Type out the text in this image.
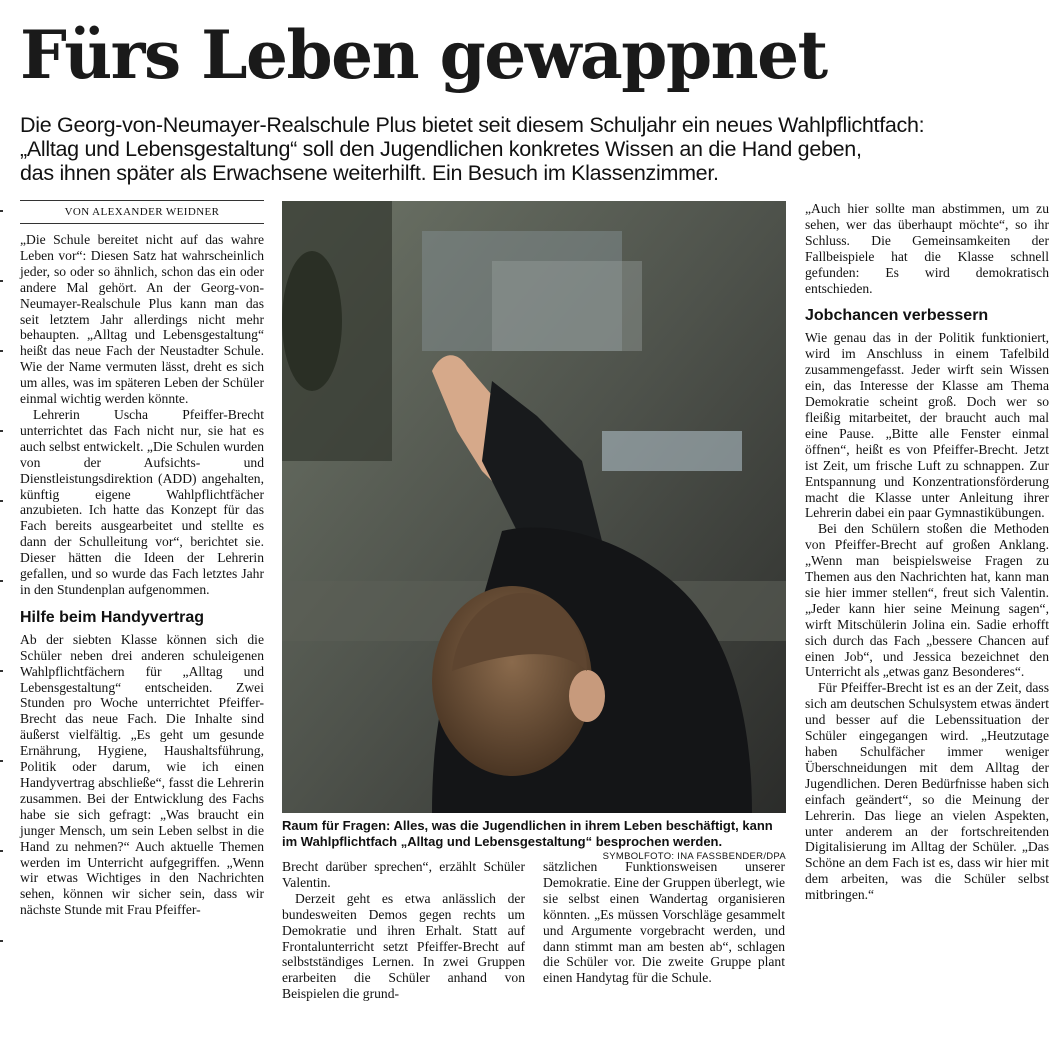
Fürs Leben gewappnet
Die Georg-von-Neumayer-Realschule Plus bietet seit diesem Schuljahr ein neues Wahlpflichtfach:
„Alltag und Lebensgestaltung“ soll den Jugendlichen konkretes Wissen an die Hand geben,
das ihnen später als Erwachsene weiterhilft. Ein Besuch im Klassenzimmer.
VON ALEXANDER WEIDNER

„Die Schule bereitet nicht auf das wahre Leben vor“: Diesen Satz hat wahrscheinlich jeder, so oder so ähnlich, schon das ein oder andere Mal gehört. An der Georg-von-Neumayer-Realschule Plus kann man das seit letztem Jahr allerdings nicht mehr behaupten. „Alltag und Lebensgestaltung“ heißt das neue Fach der Neustadter Schule. Wie der Name vermuten lässt, dreht es sich um alles, was im späteren Leben der Schüler einmal wichtig werden könnte.

Lehrerin Uscha Pfeiffer-Brecht unterrichtet das Fach nicht nur, sie hat es auch selbst entwickelt. „Die Schulen wurden von der Aufsichts- und Dienstleistungsdirektion (ADD) angehalten, künftig eigene Wahlpflichtfächer anzubieten. Ich hatte das Konzept für das Fach bereits ausgearbeitet und stellte es dann der Schulleitung vor“, berichtet sie. Dieser hätten die Ideen der Lehrerin gefallen, und so wurde das Fach letztes Jahr in den Stundenplan aufgenommen.

Hilfe beim Handyvertrag

Ab der siebten Klasse können sich die Schüler neben drei anderen schuleigenen Wahlpflichtfächern für „Alltag und Lebensgestaltung“ entscheiden. Zwei Stunden pro Woche unterrichtet Pfeiffer-Brecht das neue Fach. Die Inhalte sind äußerst vielfältig. „Es geht um gesunde Ernährung, Hygiene, Haushaltsführung, Politik oder darum, wie ich einen Handyvertrag abschließe“, fasst die Lehrerin zusammen. Bei der Entwicklung des Fachs habe sie sich gefragt: „Was braucht ein junger Mensch, um sein Leben selbst in die Hand zu nehmen?“ Auch aktuelle Themen werden im Unterricht aufgegriffen. „Wenn wir etwas Wichtiges in den Nachrichten sehen, können wir sicher sein, dass wir nächste Stunde mit Frau Pfeiffer-

Raum für Fragen: Alles, was die Jugendlichen in ihrem Leben beschäftigt, kann im Wahlpflichtfach „Alltag und Lebensgestaltung“ besprochen werden.
SYMBOLFOTO: INA FASSBENDER/DPA

Brecht darüber sprechen“, erzählt Schüler Valentin.

Derzeit geht es etwa anlässlich der bundesweiten Demos gegen rechts um Demokratie und ihren Erhalt. Statt auf Frontalunterricht setzt Pfeiffer-Brecht auf selbstständiges Lernen. In zwei Gruppen erarbeiten die Schüler anhand von Beispielen die grund-

sätzlichen Funktionsweisen unserer Demokratie. Eine der Gruppen überlegt, wie sie selbst einen Wandertag organisieren könnten. „Es müssen Vorschläge gesammelt und Argumente vorgebracht werden, und dann stimmt man am besten ab“, schlagen die Schüler vor. Die zweite Gruppe plant einen Handytag für die Schule.

„Auch hier sollte man abstimmen, um zu sehen, wer das überhaupt möchte“, so ihr Schluss. Die Gemeinsamkeiten der Fallbeispiele hat die Klasse schnell gefunden: Es wird demokratisch entschieden.

Jobchancen verbessern

Wie genau das in der Politik funktioniert, wird im Anschluss in einem Tafelbild zusammengefasst. Jeder wirft sein Wissen ein, das Interesse der Klasse am Thema Demokratie scheint groß. Doch wer so fleißig mitarbeitet, der braucht auch mal eine Pause. „Bitte alle Fenster einmal öffnen“, heißt es von Pfeiffer-Brecht. Jetzt ist Zeit, um frische Luft zu schnappen. Zur Entspannung und Konzentrationsförderung macht die Klasse unter Anleitung ihrer Lehrerin dabei ein paar Gymnastikübungen.

Bei den Schülern stoßen die Methoden von Pfeiffer-Brecht auf großen Anklang. „Wenn man beispielsweise Fragen zu Themen aus den Nachrichten hat, kann man sie hier immer stellen“, freut sich Valentin. „Jeder kann hier seine Meinung sagen“, wirft Mitschülerin Jolina ein. Sadie erhofft sich durch das Fach „bessere Chancen auf einen Job“, und Jessica bezeichnet den Unterricht als „etwas ganz Besonderes“.

Für Pfeiffer-Brecht ist es an der Zeit, dass sich am deutschen Schulsystem etwas ändert und besser auf die Lebenssituation der Schüler eingegangen wird. „Heutzutage haben Schulfächer immer weniger Überschneidungen mit dem Alltag der Jugendlichen. Deren Bedürfnisse haben sich einfach geändert“, so die Meinung der Lehrerin. Das liege an vielen Aspekten, unter anderem an der fortschreitenden Digitalisierung im Alltag der Schüler. „Das Schöne an dem Fach ist es, dass wir hier mit dem arbeiten, was die Schüler selbst mitbringen.“
